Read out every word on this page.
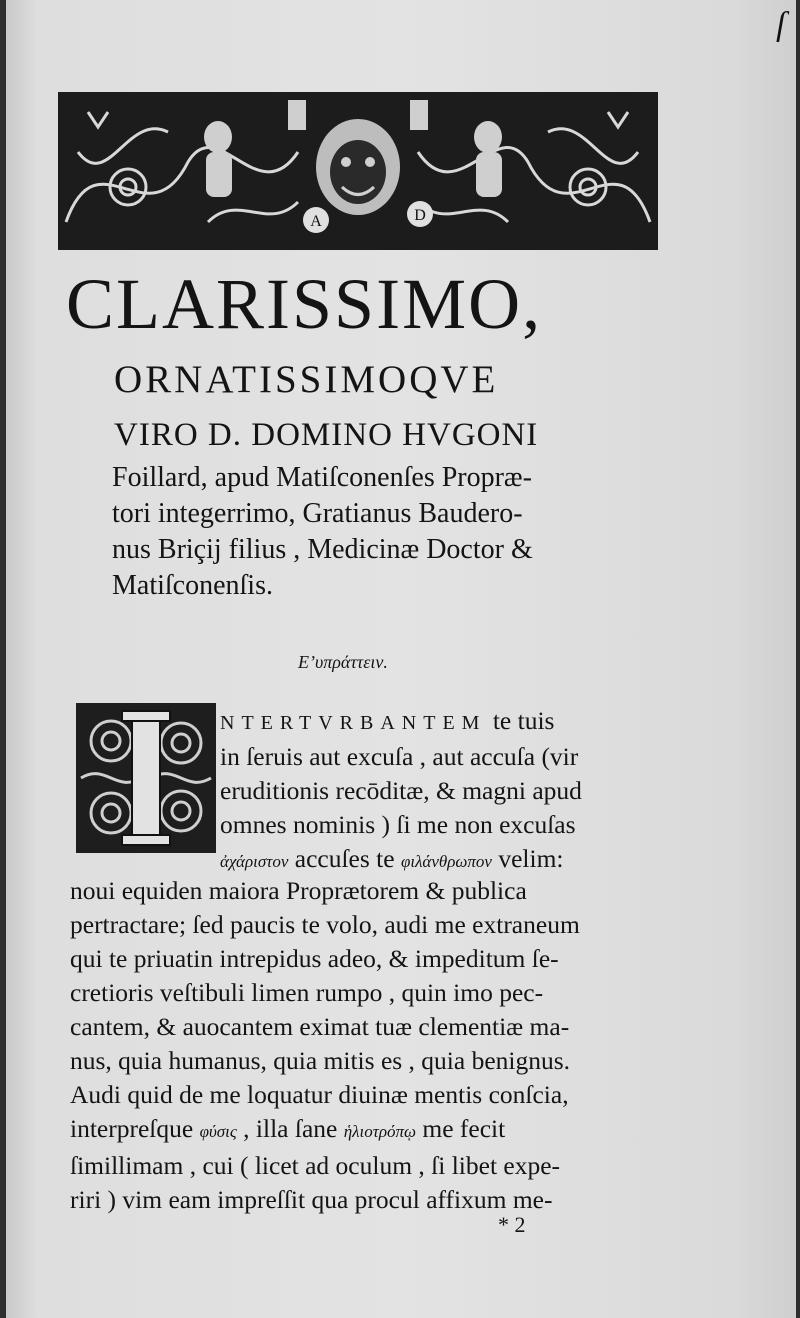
ſ
A	D
CLARISSIMO,
ORNATISSIMOQVE
VIRO D. DOMINO HVGONI
Foillard, apud Matiſconenſes Propræ-
tori integerrimo, Gratianus Baudero-
nus Briçij filius , Medicinæ Doctor &
Matiſconenſis.
Εʼυπράττειν.
NTERTVRBANTEM te tuis
in ſeruis aut excuſa , aut accuſa (vir
eruditionis recōditæ, & magni apud
omnes nominis ) ſi me non excuſas
ἀχάριστον accuſes te φιλάνθρωπον velim:
noui equiden maiora Proprætorem & publica
pertractare; ſed paucis te volo, audi me extraneum
qui te priuatin intrepidus adeo, & impeditum ſe-
cretioris veſtibuli limen rumpo , quin imo pec-
cantem, & auocantem eximat tuæ clementiæ ma-
nus, quia humanus, quia mitis es , quia benignus.
Audi quid de me loquatur diuinæ mentis conſcia,
interpreſque φύσις , illa ſane ἡλιοτρόπῳ me fecit
ſimillimam , cui ( licet ad oculum , ſi libet expe-
riri ) vim eam impreſſit qua procul affixum me-
* 2
